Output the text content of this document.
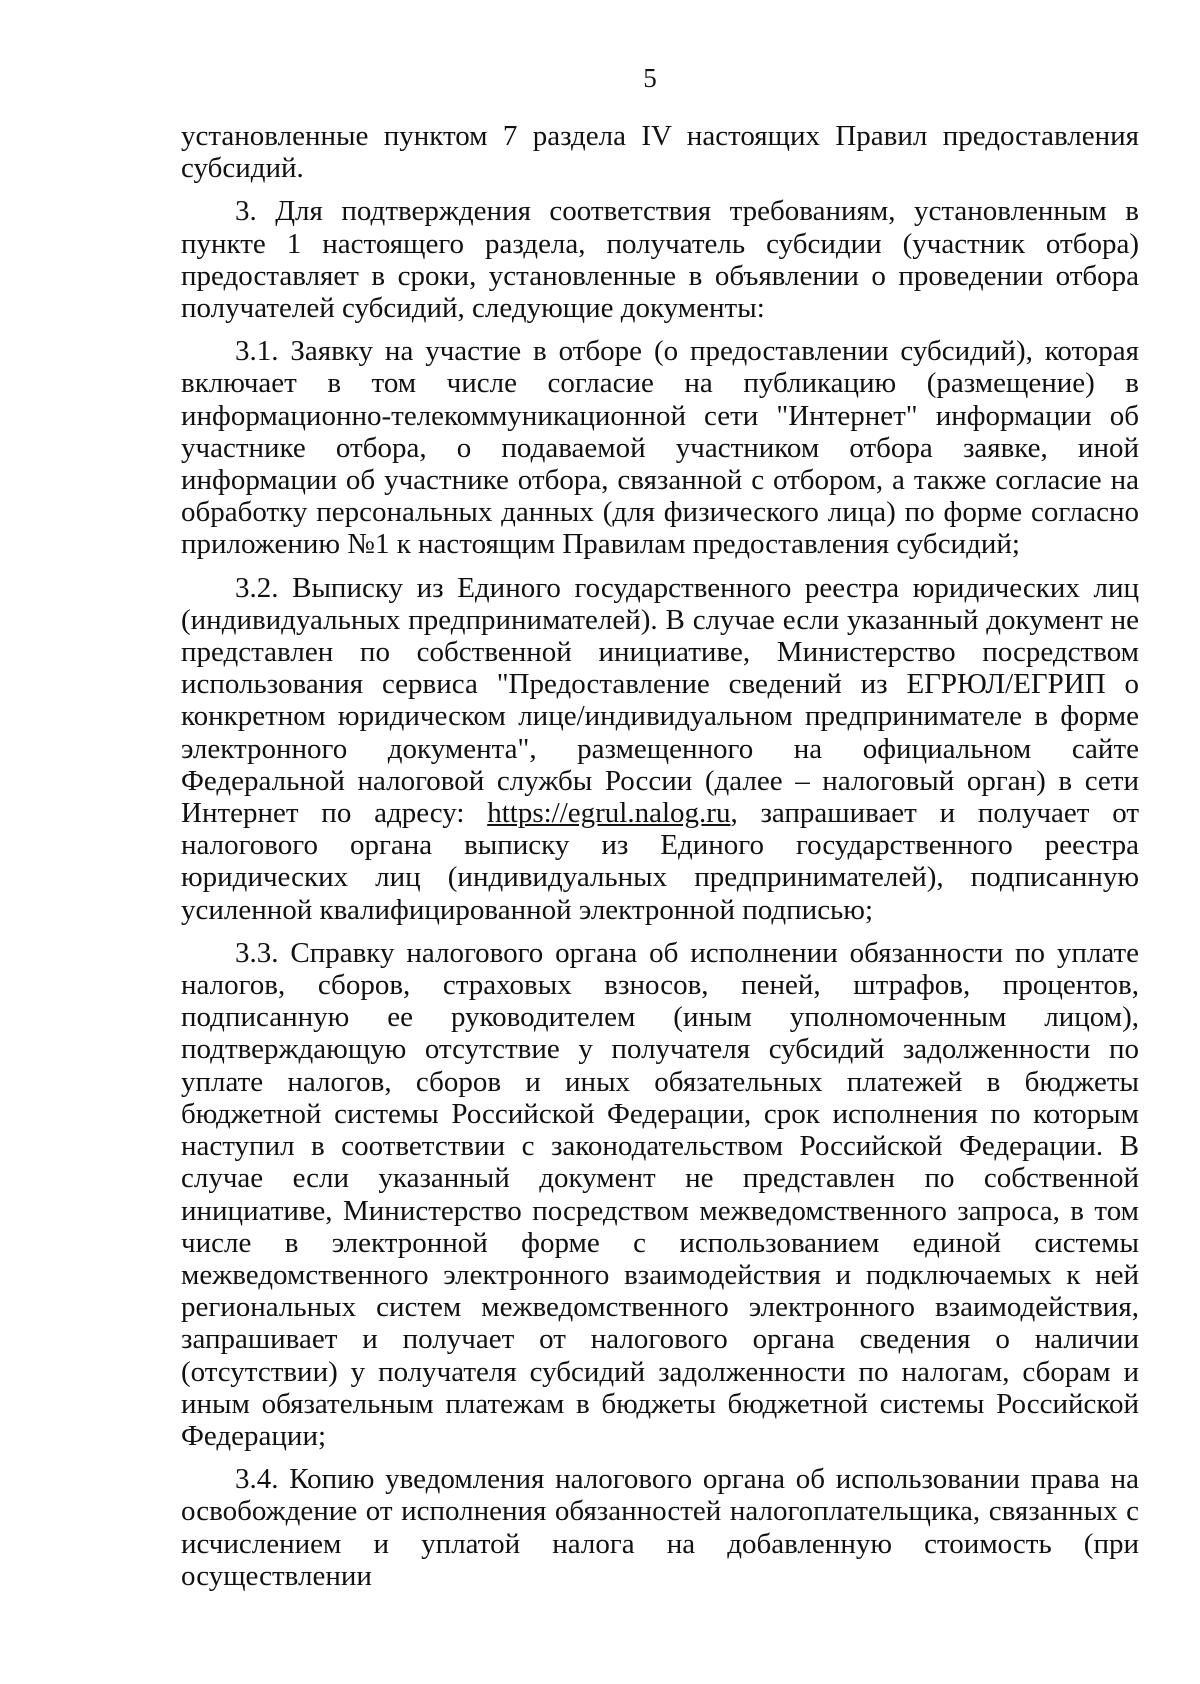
5

установленные пунктом 7 раздела IV настоящих Правил предоставления субсидий.

3. Для подтверждения соответствия требованиям, установленным в пункте 1 настоящего раздела, получатель субсидии (участник отбора) предоставляет в сроки, установленные в объявлении о проведении отбора получателей субсидий, следующие документы:

3.1. Заявку на участие в отборе (о предоставлении субсидий), которая включает в том числе согласие на публикацию (размещение) в информационно-телекоммуникационной сети "Интернет" информации об участнике отбора, о подаваемой участником отбора заявке, иной информации об участнике отбора, связанной с отбором, а также согласие на обработку персональных данных (для физического лица) по форме согласно приложению №1 к настоящим Правилам предоставления субсидий;

3.2. Выписку из Единого государственного реестра юридических лиц (индивидуальных предпринимателей). В случае если указанный документ не представлен по собственной инициативе, Министерство посредством использования сервиса "Предоставление сведений из ЕГРЮЛ/ЕГРИП о конкретном юридическом лице/индивидуальном предпринимателе в форме электронного документа", размещенного на официальном сайте Федеральной налоговой службы России (далее – налоговый орган) в сети Интернет по адресу: https://egrul.nalog.ru, запрашивает и получает от налогового органа выписку из Единого государственного реестра юридических лиц (индивидуальных предпринимателей), подписанную усиленной квалифицированной электронной подписью;

3.3. Справку налогового органа об исполнении обязанности по уплате налогов, сборов, страховых взносов, пеней, штрафов, процентов, подписанную ее руководителем (иным уполномоченным лицом), подтверждающую отсутствие у получателя субсидий задолженности по уплате налогов, сборов и иных обязательных платежей в бюджеты бюджетной системы Российской Федерации, срок исполнения по которым наступил в соответствии с законодательством Российской Федерации. В случае если указанный документ не представлен по собственной инициативе, Министерство посредством межведомственного запроса, в том числе в электронной форме с использованием единой системы межведомственного электронного взаимодействия и подключаемых к ней региональных систем межведомственного электронного взаимодействия, запрашивает и получает от налогового органа сведения о наличии (отсутствии) у получателя субсидий задолженности по налогам, сборам и иным обязательным платежам в бюджеты бюджетной системы Российской Федерации;

3.4. Копию уведомления налогового органа об использовании права на освобождение от исполнения обязанностей налогоплательщика, связанных с исчислением и уплатой налога на добавленную стоимость (при осуществлении
